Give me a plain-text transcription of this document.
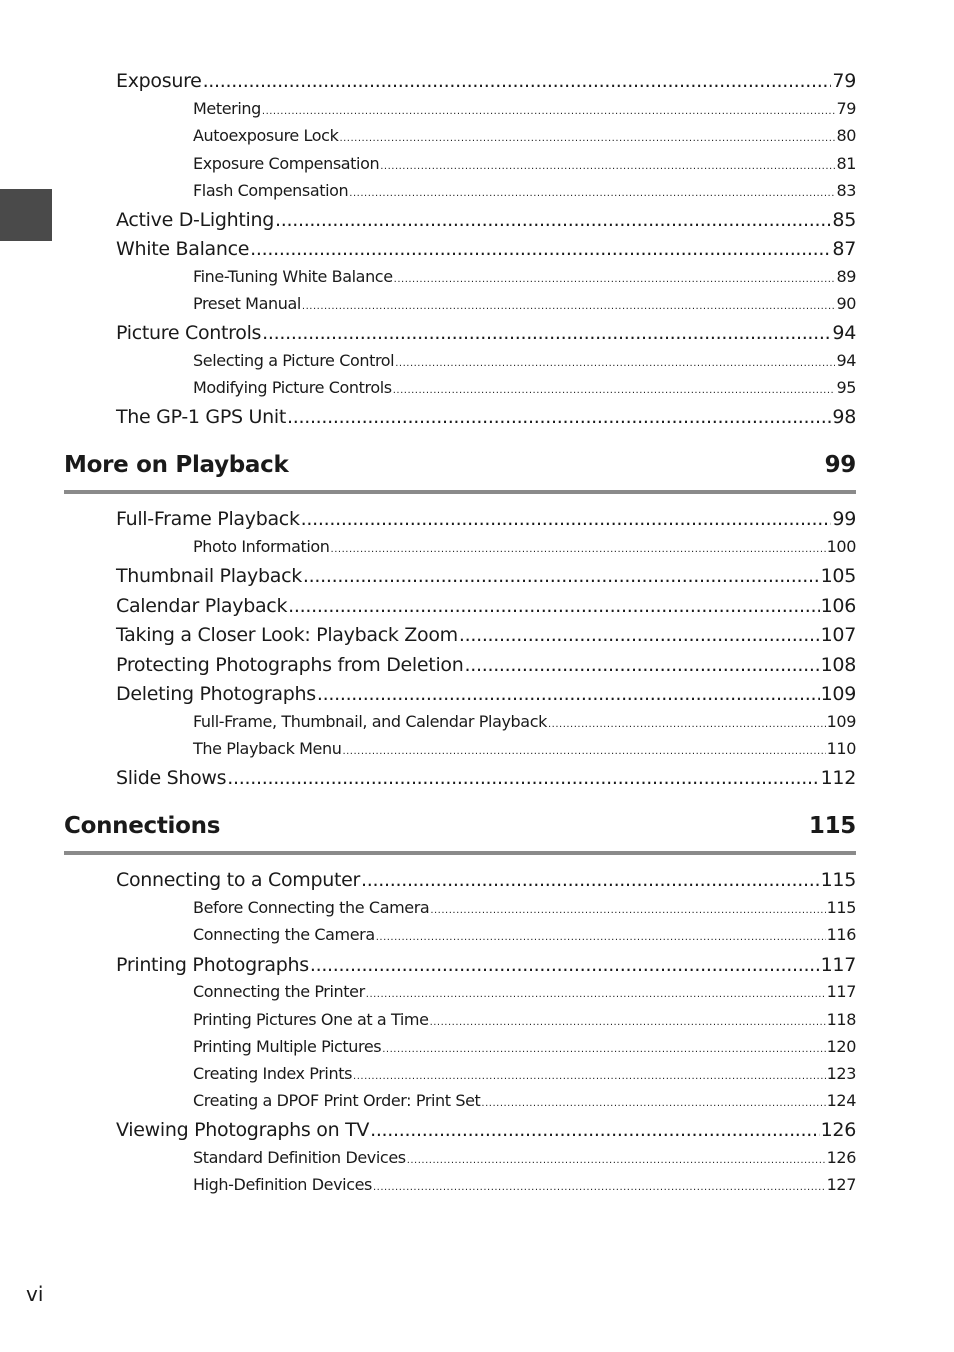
Exposure .....	79
Metering .....	79
Autoexposure Lock .....	80
Exposure Compensation .....	81
Flash Compensation .....	83
Active D-Lighting .....	85
White Balance .....	87
Fine-Tuning White Balance .....	89
Preset Manual .....	90
Picture Controls .....	94
Selecting a Picture Control .....	94
Modifying Picture Controls .....	95
The GP-1 GPS Unit .....	98
More on Playback	99
Full-Frame Playback .....	99
Photo Information .....	100
Thumbnail Playback .....	105
Calendar Playback .....	106
Taking a Closer Look: Playback Zoom .....	107
Protecting Photographs from Deletion .....	108
Deleting Photographs .....	109
Full-Frame, Thumbnail, and Calendar Playback .....	109
The Playback Menu .....	110
Slide Shows .....	112
Connections	115
Connecting to a Computer .....	115
Before Connecting the Camera .....	115
Connecting the Camera .....	116
Printing Photographs .....	117
Connecting the Printer .....	117
Printing Pictures One at a Time .....	118
Printing Multiple Pictures .....	120
Creating Index Prints .....	123
Creating a DPOF Print Order: Print Set .....	124
Viewing Photographs on TV .....	126
Standard Definition Devices .....	126
High-Definition Devices .....	127
vi
